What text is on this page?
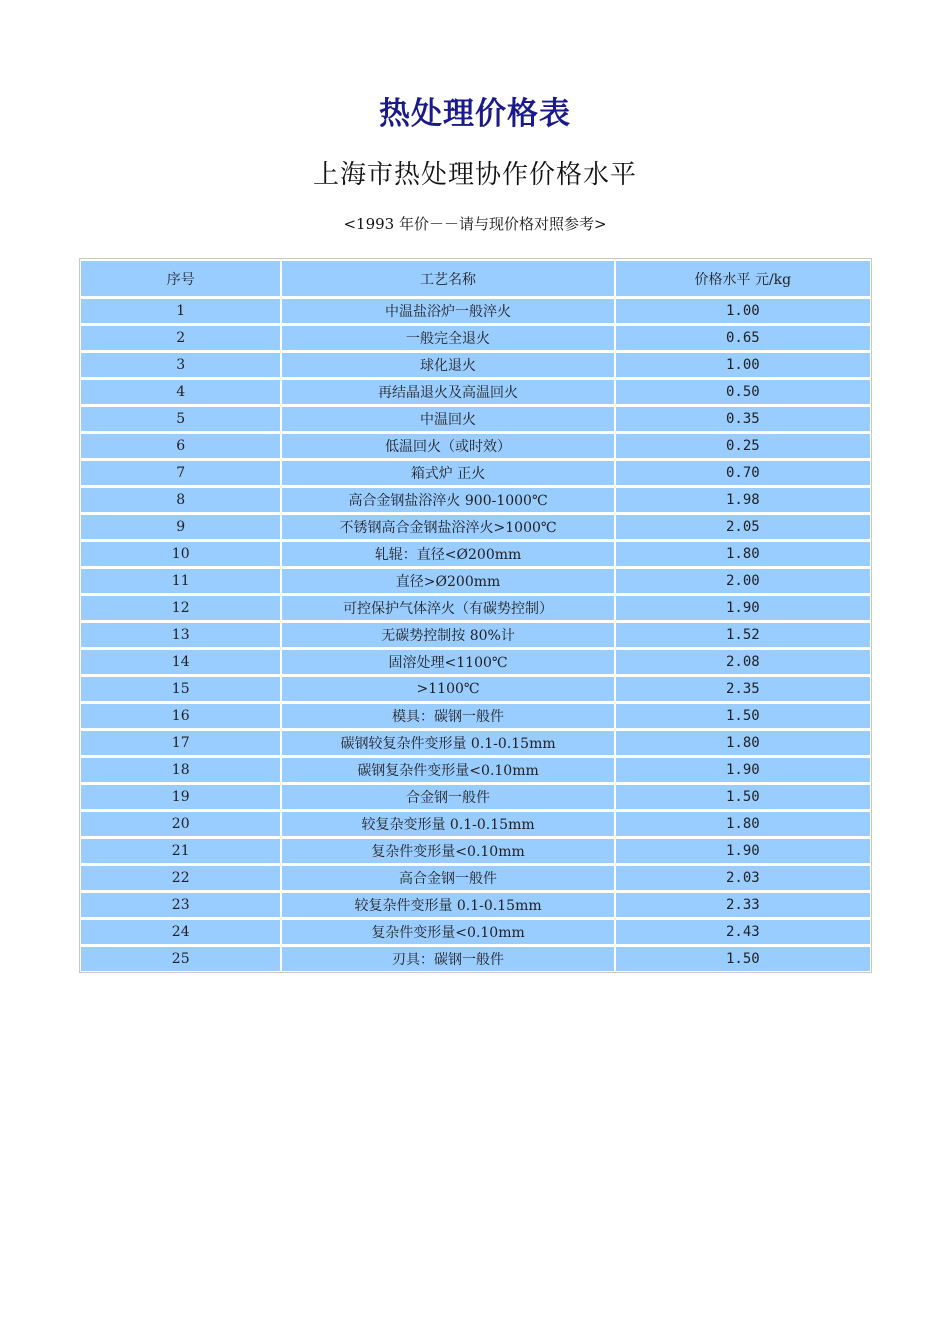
热处理价格表
上海市热处理协作价格水平
<1993 年价－－请与现价格对照参考>
序号	工艺名称	价格水平 元/kg
1	中温盐浴炉一般淬火	1.00
2	一般完全退火	0.65
3	球化退火	1.00
4	再结晶退火及高温回火	0.50
5	中温回火	0.35
6	低温回火（或时效）	0.25
7	箱式炉 正火	0.70
8	高合金钢盐浴淬火 900-1000℃	1.98
9	不锈钢高合金钢盐浴淬火>1000℃	2.05
10	轧辊：直径<Ø200mm	1.80
11	直径>Ø200mm	2.00
12	可控保护气体淬火（有碳势控制）	1.90
13	无碳势控制按 80%计	1.52
14	固溶处理<1100℃	2.08
15	>1100℃	2.35
16	模具：碳钢一般件	1.50
17	碳钢较复杂件变形量 0.1-0.15mm	1.80
18	碳钢复杂件变形量<0.10mm	1.90
19	合金钢一般件	1.50
20	较复杂变形量 0.1-0.15mm	1.80
21	复杂件变形量<0.10mm	1.90
22	高合金钢一般件	2.03
23	较复杂件变形量 0.1-0.15mm	2.33
24	复杂件变形量<0.10mm	2.43
25	刃具：碳钢一般件	1.50
